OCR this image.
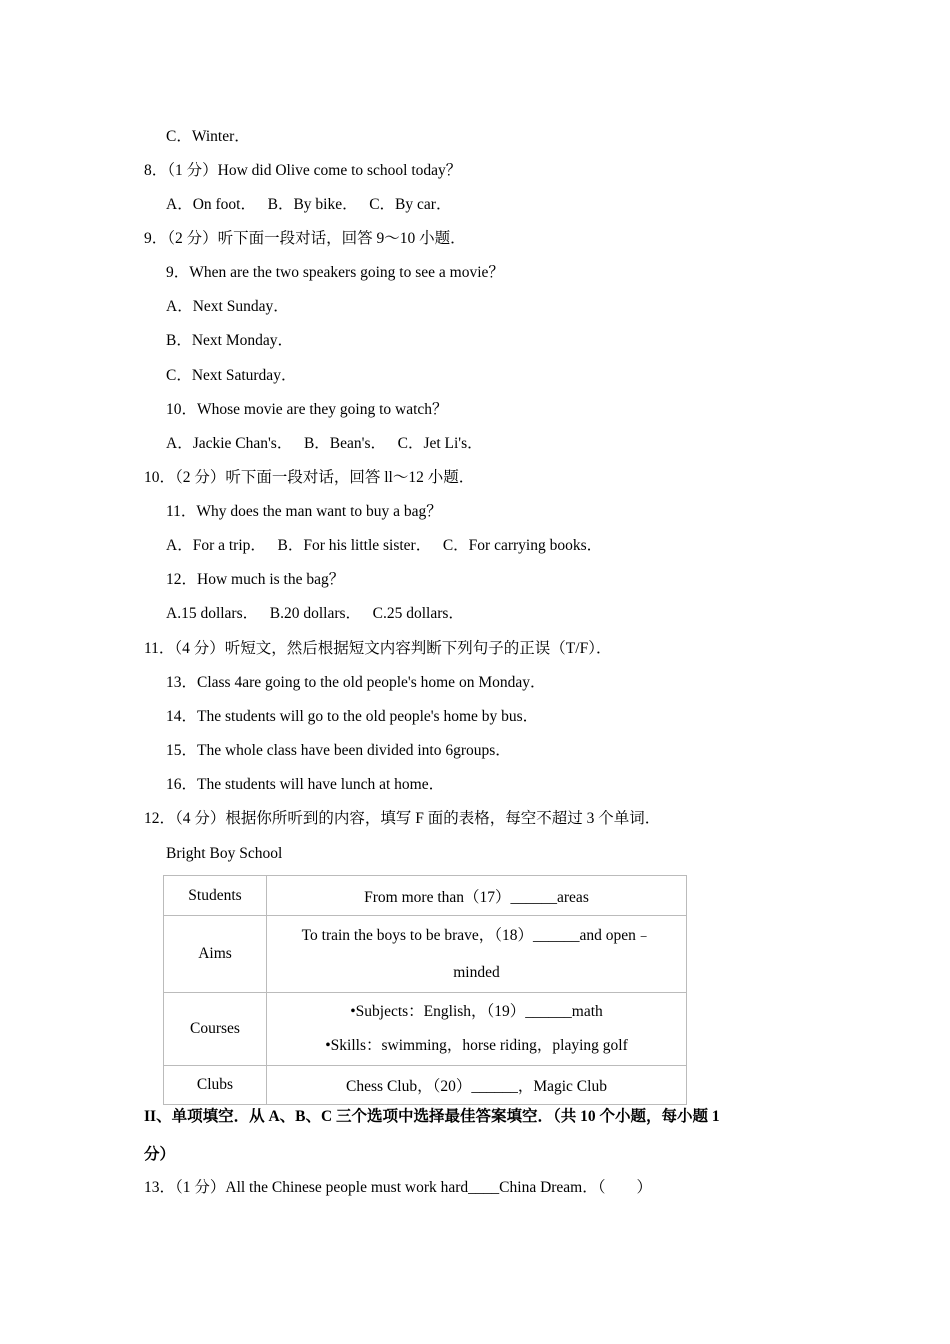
C．Winter．
8．（1 分）How did Olive come to school today？
A．On foot．   B．By bike．   C．By car．
9．（2 分）听下面一段对话，回答 9～10 小题．
9．When are the two speakers going to see a movie？
A．Next Sunday．
B．Next Monday．
C．Next Saturday．
10．Whose movie are they going to watch？
A．Jackie Chan's．   B．Bean's．   C．Jet Li's．
10．（2 分）听下面一段对话，回答 ll～12 小题．
11．Why does the man want to buy a bag？
A．For a trip．   B．For his little sister．   C．For carrying books．
12．How much is the bag？
A.15 dollars．   B.20 dollars．   C.25 dollars．
11．（4 分）听短文，然后根据短文内容判断下列句子的正误（T/F）．
13．Class 4are going to the old people's home on Monday．
14．The students will go to the old people's home by bus．
15．The whole class have been divided into 6groups．
16．The students will have lunch at home．
12．（4 分）根据你所听到的内容，填写 F 面的表格，每空不超过 3 个单词．
Bright Boy School
Students	From more than（17）______areas
Aims	To train the boys to be brave，（18）______and open﹣
minded

Courses	•Subjects：English，（19）______math
•Skills：swimming，horse riding，playing golf

Clubs	Chess Club，（20）______，Magic Club
II、单项填空．从 A、B、C 三个选项中选择最佳答案填空．（共 10 个小题，每小题 1
分）
13．（1 分）All the Chinese people must work hard____China Dream．（　　）
